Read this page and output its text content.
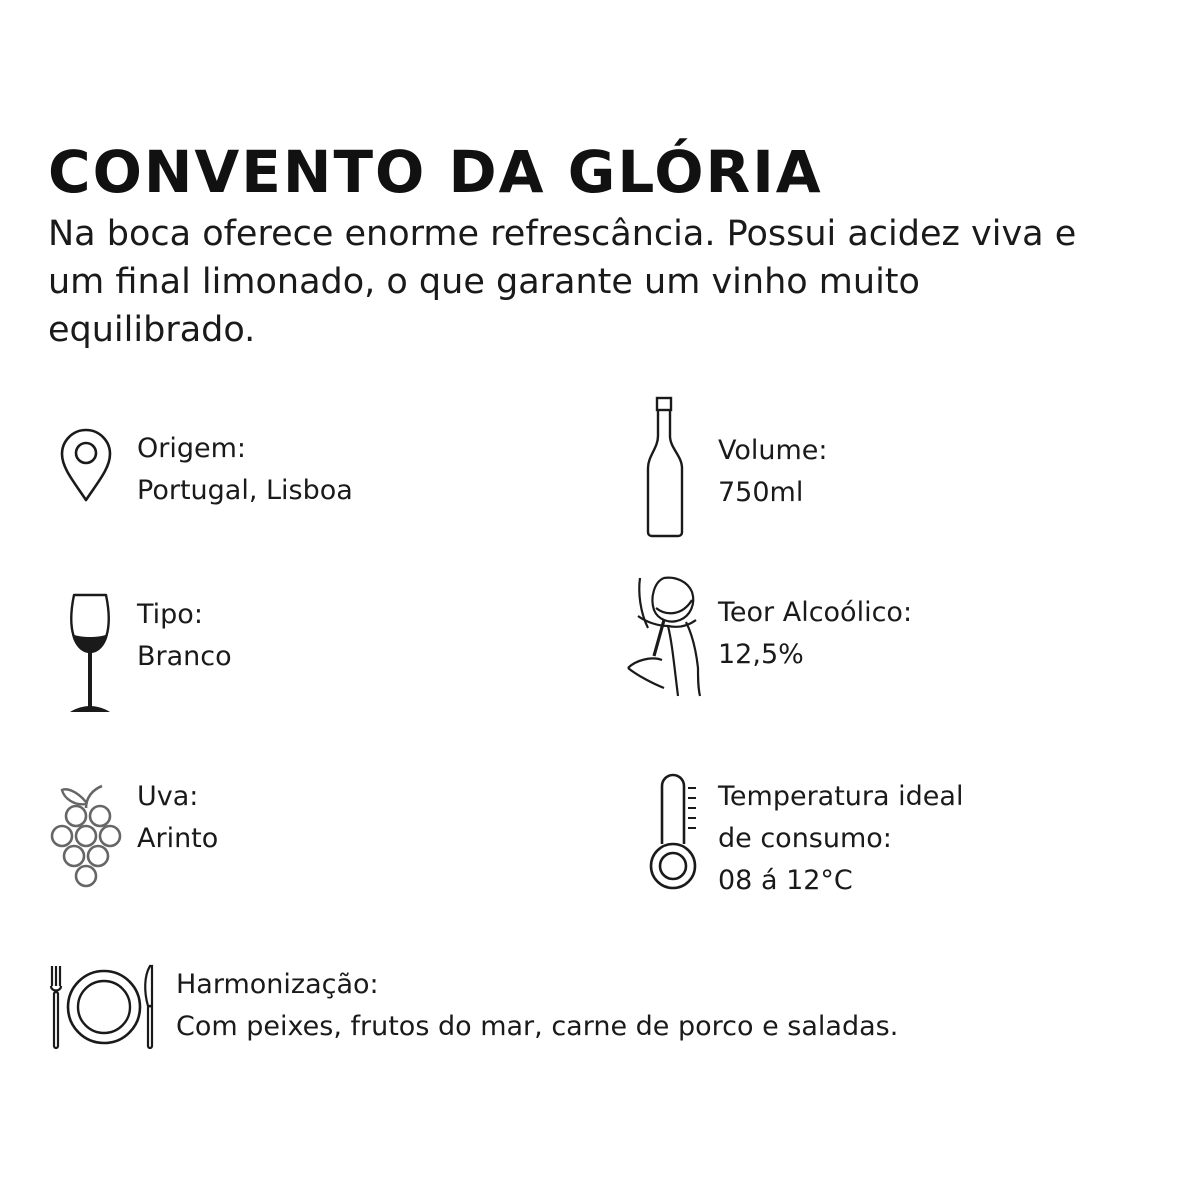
CONVENTO DA GLÓRIA

Na boca oferece enorme refrescância. Possui acidez viva e um final limonado, o que garante um vinho muito equilibrado.

Origem:
Portugal, Lisboa
Volume:
750ml
Tipo:
Branco
Teor Alcoólico:
12,5%
Uva:
Arinto
Temperatura ideal
de consumo:
08 á 12°C
Harmonização:
Com peixes, frutos do mar, carne de porco e saladas.
